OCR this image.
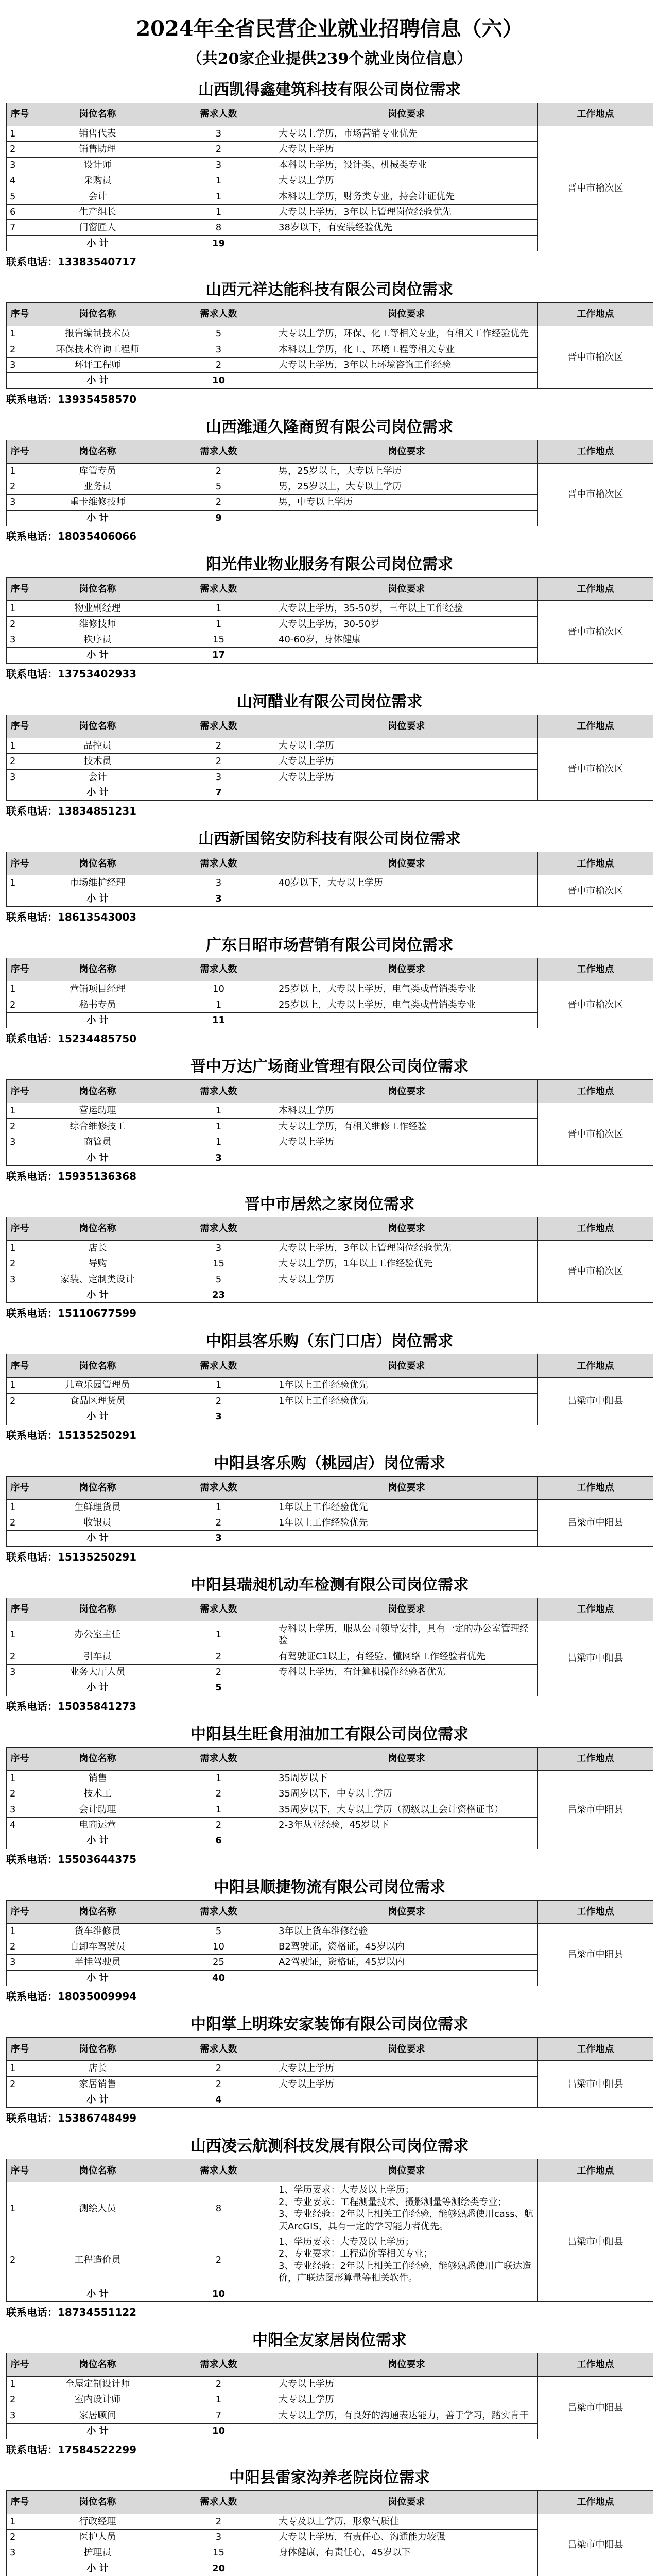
2024年全省民营企业就业招聘信息（六）
（共20家企业提供239个就业岗位信息）
山西凯得鑫建筑科技有限公司岗位需求
序号	岗位名称	需求人数	岗位要求	工作地点
1	销售代表	3	大专以上学历，市场营销专业优先	晋中市榆次区
2	销售助理	2	大专以上学历	
3	设计师	3	本科以上学历，设计类、机械类专业	
4	采购员	1	大专以上学历	
5	会计	1	本科以上学历，财务类专业，持会计证优先	
6	生产组长	1	大专以上学历，3年以上管理岗位经验优先	
7	门窗匠人	8	38岁以下，有安装经验优先	
	小 计	19		
联系电话：13383540717
山西元祥达能科技有限公司岗位需求
序号	岗位名称	需求人数	岗位要求	工作地点
1	报告编制技术员	5	大专以上学历，环保、化工等相关专业，有相关工作经验优先	晋中市榆次区
2	环保技术咨询工程师	3	本科以上学历，化工、环境工程等相关专业	
3	环评工程师	2	大专以上学历，3年以上环境咨询工作经验	
	小 计	10		
联系电话：13935458570
山西潍通久隆商贸有限公司岗位需求
序号	岗位名称	需求人数	岗位要求	工作地点
1	库管专员	2	男，25岁以上，大专以上学历	晋中市榆次区
2	业务员	5	男，25岁以上，大专以上学历	
3	重卡维修技师	2	男，中专以上学历	
	小 计	9		
联系电话：18035406066
阳光伟业物业服务有限公司岗位需求
序号	岗位名称	需求人数	岗位要求	工作地点
1	物业副经理	1	大专以上学历，35-50岁，三年以上工作经验	晋中市榆次区
2	维修技师	1	大专以上学历，30-50岁	
3	秩序员	15	40-60岁，身体健康	
	小 计	17		
联系电话：13753402933
山河醋业有限公司岗位需求
序号	岗位名称	需求人数	岗位要求	工作地点
1	品控员	2	大专以上学历	晋中市榆次区
2	技术员	2	大专以上学历	
3	会计	3	大专以上学历	
	小 计	7		
联系电话：13834851231
山西新国铭安防科技有限公司岗位需求
序号	岗位名称	需求人数	岗位要求	工作地点
1	市场维护经理	3	40岁以下，大专以上学历	晋中市榆次区
	小 计	3		
联系电话：18613543003
广东日昭市场营销有限公司岗位需求
序号	岗位名称	需求人数	岗位要求	工作地点
1	营销项目经理	10	25岁以上，大专以上学历，电气类或营销类专业	晋中市榆次区
2	秘书专员	1	25岁以上，大专以上学历，电气类或营销类专业	
	小 计	11		
联系电话：15234485750
晋中万达广场商业管理有限公司岗位需求
序号	岗位名称	需求人数	岗位要求	工作地点
1	营运助理	1	本科以上学历	晋中市榆次区
2	综合维修技工	1	大专以上学历，有相关维修工作经验	
3	商管员	1	大专以上学历	
	小 计	3		
联系电话：15935136368
晋中市居然之家岗位需求
序号	岗位名称	需求人数	岗位要求	工作地点
1	店长	3	大专以上学历，3年以上管理岗位经验优先	晋中市榆次区
2	导购	15	大专以上学历，1年以上工作经验优先	
3	家装、定制类设计	5	大专以上学历	
	小 计	23		
联系电话：15110677599
中阳县客乐购（东门口店）岗位需求
序号	岗位名称	需求人数	岗位要求	工作地点
1	儿童乐园管理员	1	1年以上工作经验优先	吕梁市中阳县
2	食品区理货员	2	1年以上工作经验优先	
	小 计	3		
联系电话：15135250291
中阳县客乐购（桃园店）岗位需求
序号	岗位名称	需求人数	岗位要求	工作地点
1	生鲜理货员	1	1年以上工作经验优先	吕梁市中阳县
2	收银员	2	1年以上工作经验优先	
	小 计	3		
联系电话：15135250291
中阳县瑞昶机动车检测有限公司岗位需求
序号	岗位名称	需求人数	岗位要求	工作地点
1	办公室主任	1	专科以上学历，服从公司领导安排，具有一定的办公室管理经验	吕梁市中阳县
2	引车员	2	有驾驶证C1以上，有经验、懂网络工作经验者优先	
3	业务大厅人员	2	专科以上学历，有计算机操作经验者优先	
	小 计	5		
联系电话：15035841273
中阳县生旺食用油加工有限公司岗位需求
序号	岗位名称	需求人数	岗位要求	工作地点
1	销售	1	35周岁以下	吕梁市中阳县
2	技术工	2	35周岁以下，中专以上学历	
3	会计助理	1	35周岁以下，大专以上学历（初级以上会计资格证书）	
4	电商运营	2	2-3年从业经验，45岁以下	
	小 计	6		
联系电话：15503644375
中阳县顺捷物流有限公司岗位需求
序号	岗位名称	需求人数	岗位要求	工作地点
1	货车维修员	5	3年以上货车维修经验	吕梁市中阳县
2	自卸车驾驶员	10	B2驾驶证，资格证，45岁以内	
3	半挂驾驶员	25	A2驾驶证，资格证，45岁以内	
	小 计	40		
联系电话：18035009994
中阳掌上明珠安家装饰有限公司岗位需求
序号	岗位名称	需求人数	岗位要求	工作地点
1	店长	2	大专以上学历	吕梁市中阳县
2	家居销售	2	大专以上学历	
	小 计	4		
联系电话：15386748499
山西凌云航测科技发展有限公司岗位需求
序号	岗位名称	需求人数	岗位要求	工作地点
1	测绘人员	8	1、学历要求：大专及以上学历；
2、专业要求：工程测量技术、摄影测量等测绘类专业；
3、专业经验：2年以上相关工作经验，能够熟悉使用cass、航天ArcGIS，具有一定的学习能力者优先。	吕梁市中阳县
2	工程造价员	2	1、学历要求：大专及以上学历；
2、专业要求：工程造价等相关专业；
3、专业经验：2年以上相关工作经验，能够熟悉使用广联达造价，广联达图形算量等相关软件。	
	小 计	10		
联系电话：18734551122
中阳全友家居岗位需求
序号	岗位名称	需求人数	岗位要求	工作地点
1	全屋定制设计师	2	大专以上学历	吕梁市中阳县
2	室内设计师	1	大专以上学历	
3	家居顾问	7	大专以上学历，有良好的沟通表达能力，善于学习，踏实肯干	
	小 计	10		
联系电话：17584522299
中阳县雷家沟养老院岗位需求
序号	岗位名称	需求人数	岗位要求	工作地点
1	行政经理	2	大专及以上学历，形象气质佳	吕梁市中阳县
2	医护人员	3	大专以上学历，有责任心、沟通能力较强	
3	护理员	15	身体健康，有责任心，45岁以下	
	小 计	20		
